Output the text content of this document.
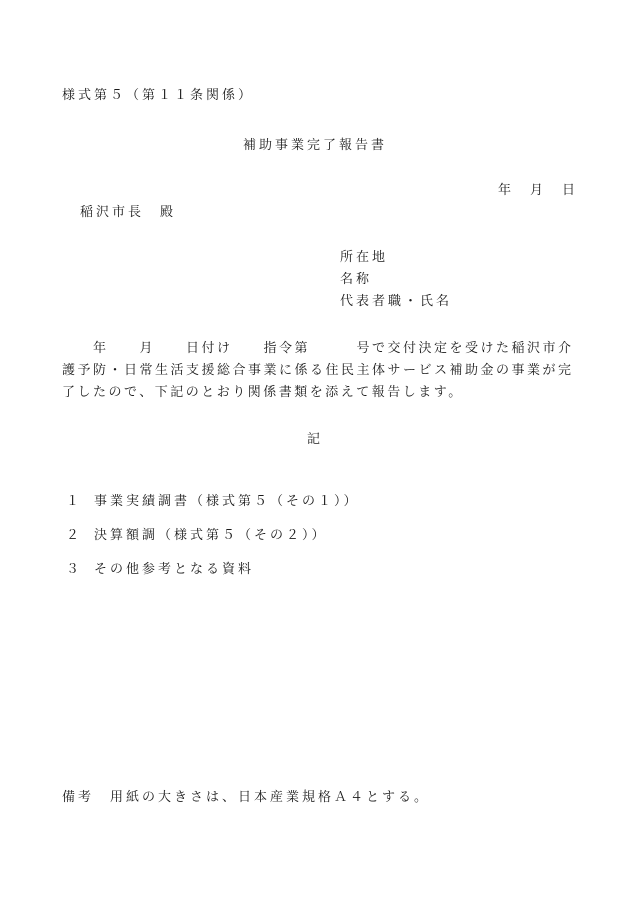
様式第５（第１１条関係）
補助事業完了報告書
年　月　日
稲沢市長　殿
所在地
名称
代表者職・氏名
　　年　　月　　日付け　　指令第　　　号で交付決定を受けた稲沢市介護予防・日常生活支援総合事業に係る住民主体サービス補助金の事業が完了したので、下記のとおり関係書類を添えて報告します。
記
１ 事業実績調書（様式第５（その１））
２ 決算額調（様式第５（その２））
３ その他参考となる資料
備考　用紙の大きさは、日本産業規格Ａ４とする。
